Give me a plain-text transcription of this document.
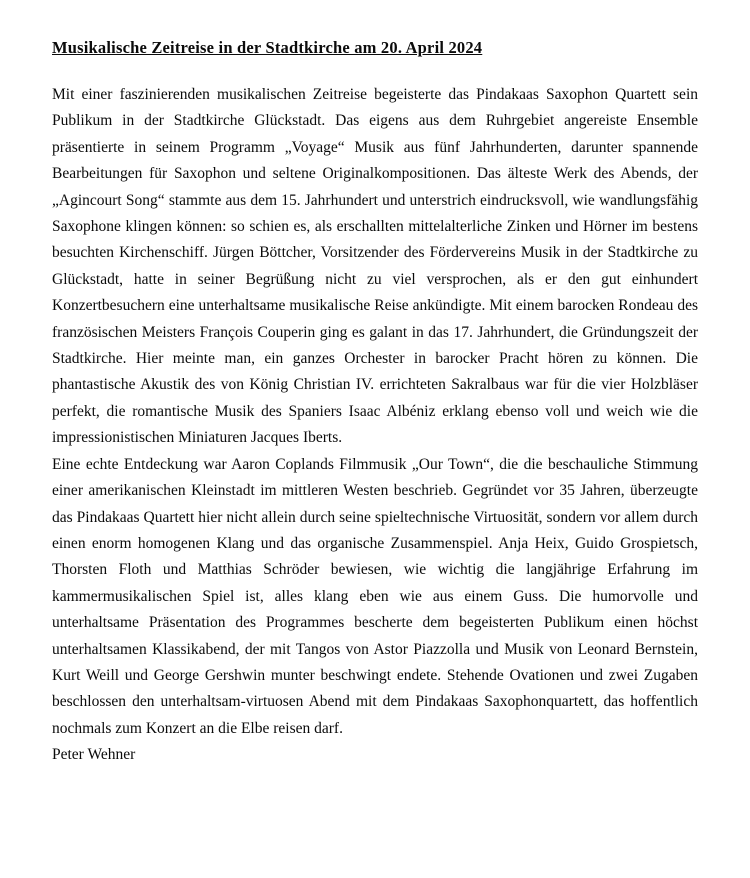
Musikalische Zeitreise in der Stadtkirche am 20. April 2024

Mit einer faszinierenden musikalischen Zeitreise begeisterte das Pindakaas Saxophon Quartett sein Publikum in der Stadtkirche Glückstadt. Das eigens aus dem Ruhrgebiet angereiste Ensemble präsentierte in seinem Programm „Voyage“ Musik aus fünf Jahrhunderten, darunter spannende Bearbeitungen für Saxophon und seltene Originalkompositionen. Das älteste Werk des Abends, der „Agincourt Song“ stammte aus dem 15. Jahrhundert und unterstrich eindrucksvoll, wie wandlungsfähig Saxophone klingen können: so schien es, als erschallten mittelalterliche Zinken und Hörner im bestens besuchten Kirchenschiff. Jürgen Böttcher, Vorsitzender des Fördervereins Musik in der Stadtkirche zu Glückstadt, hatte in seiner Begrüßung nicht zu viel versprochen, als er den gut einhundert Konzertbesuchern eine unterhaltsame musikalische Reise ankündigte. Mit einem barocken Rondeau des französischen Meisters François Couperin ging es galant in das 17. Jahrhundert, die Gründungszeit der Stadtkirche. Hier meinte man, ein ganzes Orchester in barocker Pracht hören zu können. Die phantastische Akustik des von König Christian IV. errichteten Sakralbaus war für die vier Holzbläser perfekt, die romantische Musik des Spaniers Isaac Albéniz erklang ebenso voll und weich wie die impressionistischen Miniaturen Jacques Iberts.

Eine echte Entdeckung war Aaron Coplands Filmmusik „Our Town“, die die beschauliche Stimmung einer amerikanischen Kleinstadt im mittleren Westen beschrieb. Gegründet vor 35 Jahren, überzeugte das Pindakaas Quartett hier nicht allein durch seine spieltechnische Virtuosität, sondern vor allem durch einen enorm homogenen Klang und das organische Zusammenspiel. Anja Heix, Guido Grospietsch, Thorsten Floth und Matthias Schröder bewiesen, wie wichtig die langjährige Erfahrung im kammermusikalischen Spiel ist, alles klang eben wie aus einem Guss. Die humorvolle und unterhaltsame Präsentation des Programmes bescherte dem begeisterten Publikum einen höchst unterhaltsamen Klassikabend, der mit Tangos von Astor Piazzolla und Musik von Leonard Bernstein, Kurt Weill und George Gershwin munter beschwingt endete. Stehende Ovationen und zwei Zugaben beschlossen den unterhaltsam-virtuosen Abend mit dem Pindakaas Saxophonquartett, das hoffentlich nochmals zum Konzert an die Elbe reisen darf.

Peter Wehner
